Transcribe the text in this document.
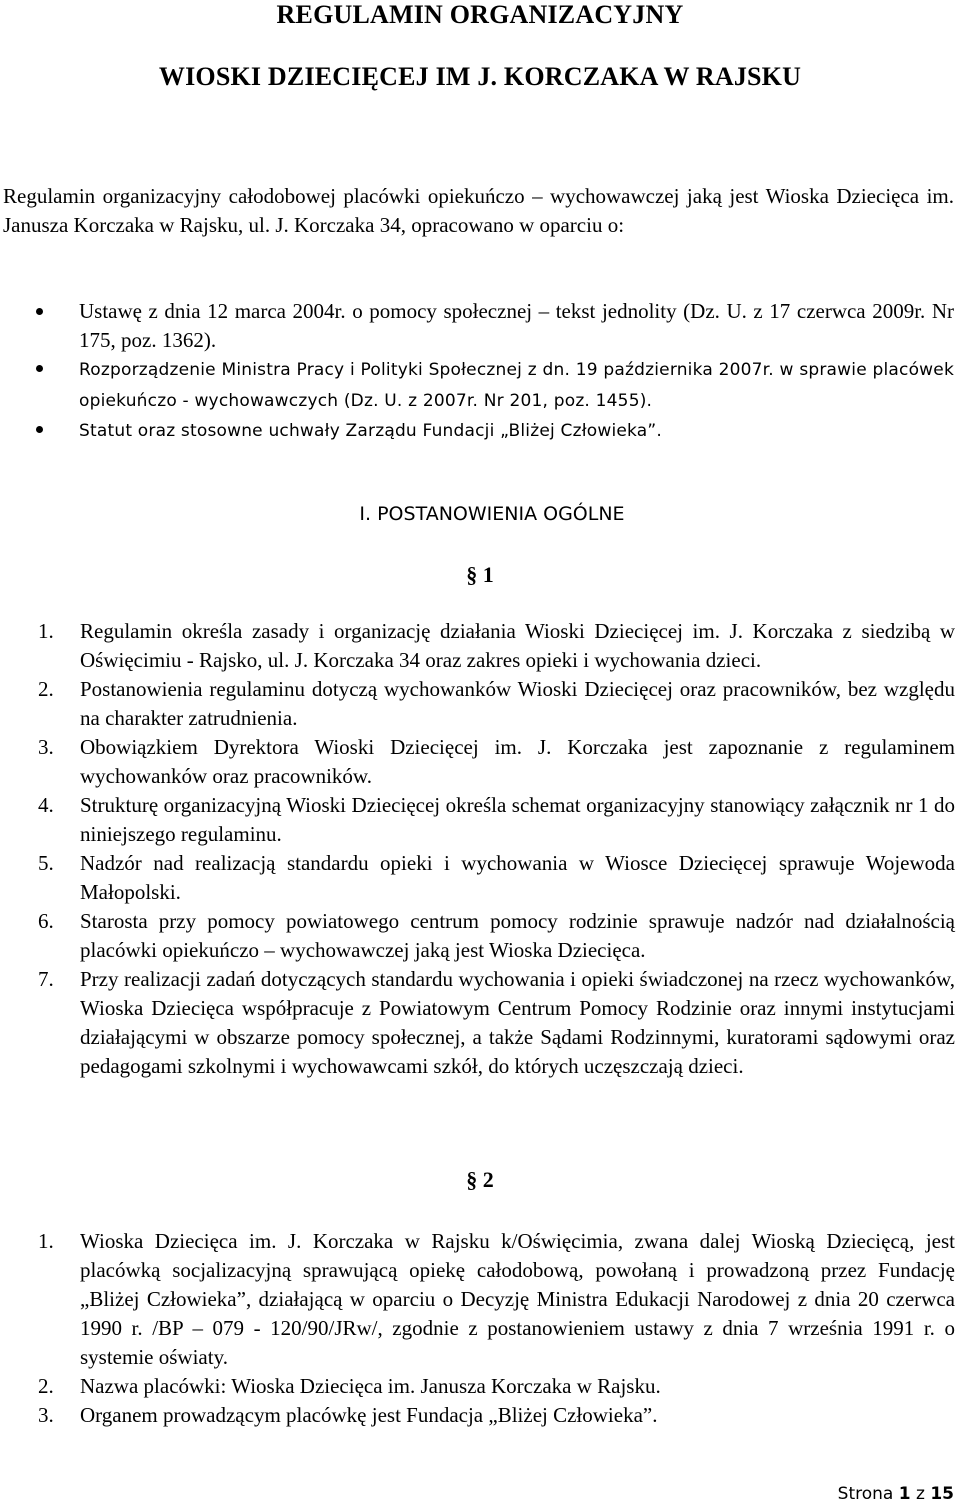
REGULAMIN ORGANIZACYJNY
WIOSKI DZIECIĘCEJ IM J. KORCZAKA W RAJSKU

Regulamin organizacyjny całodobowej placówki opiekuńczo – wychowawczej jaką jest Wioska Dziecięca im. Janusza Korczaka w Rajsku, ul. J. Korczaka 34, opracowano w oparciu o:

Ustawę z dnia 12 marca 2004r. o pomocy społecznej – tekst jednolity (Dz. U. z 17 czerwca 2009r. Nr 175, poz. 1362).
Rozporządzenie Ministra Pracy i Polityki Społecznej z dn. 19 października 2007r. w sprawie placówek opiekuńczo - wychowawczych (Dz. U. z 2007r. Nr 201, poz. 1455).
Statut oraz stosowne uchwały Zarządu Fundacji „Bliżej Człowieka”.
I. POSTANOWIENIA OGÓLNE
§ 1
1. Regulamin określa zasady i organizację działania Wioski Dziecięcej im. J. Korczaka z siedzibą w Oświęcimiu - Rajsko, ul. J. Korczaka 34 oraz zakres opieki i wychowania dzieci.
2. Postanowienia regulaminu dotyczą wychowanków Wioski Dziecięcej oraz pracowników, bez względu na charakter zatrudnienia.
3. Obowiązkiem Dyrektora Wioski Dziecięcej im. J. Korczaka jest zapoznanie z regulaminem wychowanków oraz pracowników.
4. Strukturę organizacyjną Wioski Dziecięcej określa schemat organizacyjny stanowiący załącznik nr 1 do niniejszego regulaminu.
5. Nadzór nad realizacją standardu opieki i wychowania w Wiosce Dziecięcej sprawuje Wojewoda Małopolski.
6. Starosta przy pomocy powiatowego centrum pomocy rodzinie sprawuje nadzór nad działalnością placówki opiekuńczo – wychowawczej jaką jest Wioska Dziecięca.
7. Przy realizacji zadań dotyczących standardu wychowania i opieki świadczonej na rzecz wychowanków, Wioska Dziecięca współpracuje z Powiatowym Centrum Pomocy Rodzinie oraz innymi instytucjami działającymi w obszarze pomocy społecznej, a także Sądami Rodzinnymi, kuratorami sądowymi oraz pedagogami szkolnymi i wychowawcami szkół, do których uczęszczają dzieci.
§ 2
1. Wioska Dziecięca im. J. Korczaka w Rajsku k/Oświęcimia, zwana dalej Wioską Dziecięcą, jest placówką socjalizacyjną sprawującą opiekę całodobową, powołaną i prowadzoną przez Fundację „Bliżej Człowieka”, działającą w oparciu o Decyzję Ministra Edukacji Narodowej z dnia 20 czerwca 1990 r. /BP – 079 - 120/90/JRw/, zgodnie z postanowieniem ustawy z dnia 7 września 1991 r. o systemie oświaty.
2. Nazwa placówki: Wioska Dziecięca im. Janusza Korczaka w Rajsku.
3. Organem prowadzącym placówkę jest Fundacja „Bliżej Człowieka”.
Strona 1 z 15
